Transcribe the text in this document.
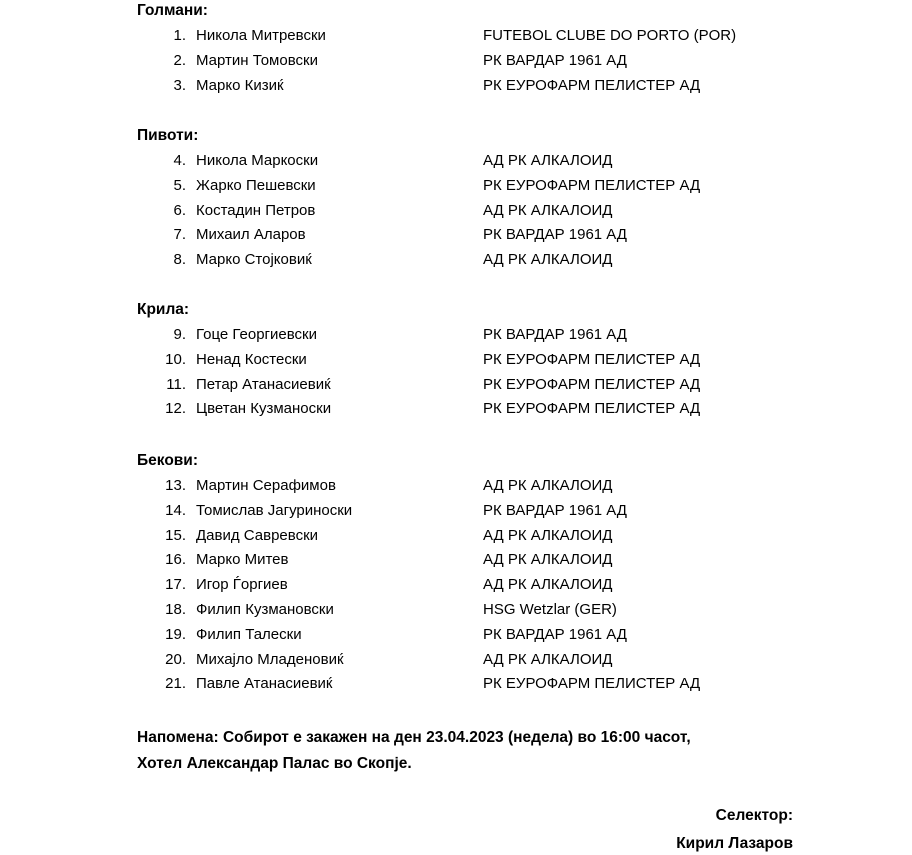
Голмани:
1. Никола Митревски	FUTEBOL CLUBE DO PORTO (POR)
2. Мартин Томовски	РК ВАРДАР 1961 АД
3. Марко Кизиќ	РК ЕУРОФАРМ ПЕЛИСТЕР АД
Пивоти:
4. Никола Маркоски	АД РК АЛКАЛОИД
5. Жарко Пешевски	РК ЕУРОФАРМ ПЕЛИСТЕР АД
6. Костадин Петров	АД РК АЛКАЛОИД
7. Михаил Аларов	РК ВАРДАР 1961 АД
8. Марко Стојковиќ	АД РК АЛКАЛОИД
Крила:
9. Гоце Георгиевски	РК ВАРДАР 1961 АД
10. Ненад Костески	РК ЕУРОФАРМ ПЕЛИСТЕР АД
11. Петар Атанасиевиќ	РК ЕУРОФАРМ ПЕЛИСТЕР АД
12. Цветан Кузманоски	РК ЕУРОФАРМ ПЕЛИСТЕР АД
Бекови:
13. Мартин Серафимов	АД РК АЛКАЛОИД
14. Томислав Јагуриноски	РК ВАРДАР 1961 АД
15. Давид Савревски	АД РК АЛКАЛОИД
16. Марко Митев	АД РК АЛКАЛОИД
17. Игор Ѓоргиев	АД РК АЛКАЛОИД
18. Филип Кузмановски	HSG Wetzlar (GER)
19. Филип Талески	РК ВАРДАР 1961 АД
20. Михајло Младеновиќ	АД РК АЛКАЛОИД
21. Павле Атанасиевиќ	РК ЕУРОФАРМ ПЕЛИСТЕР АД
Напомена: Собирот е закажен на ден 23.04.2023 (недела) во 16:00 часот,
Хотел Александар Палас во Скопје.
Селектор:
Кирил Лазаров
